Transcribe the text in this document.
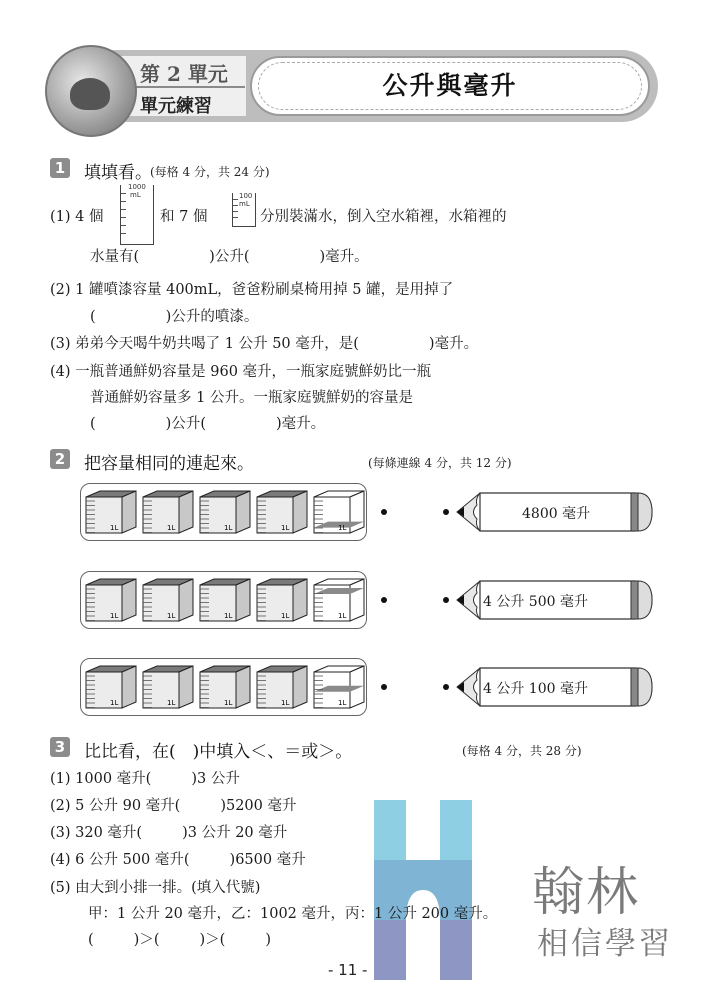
第 2 單元
單元練習
公升與毫升
1 填填看。
(每格 4 分，共 24 分)
(1) 4 個
1000
mL
和 7 個
100
mL
分別裝滿水，倒入空水箱裡，水箱裡的
水量有(	)公升(	)毫升。
(2) 1 罐噴漆容量 400mL，爸爸粉刷桌椅用掉 5 罐，是用掉了
(	)公升的噴漆。
(3) 弟弟今天喝牛奶共喝了 1 公升 50 毫升，是(	)毫升。
(4) 一瓶普通鮮奶容量是 960 毫升，一瓶家庭號鮮奶比一瓶
普通鮮奶容量多 1 公升。一瓶家庭號鮮奶的容量是
(	)公升(	)毫升。
2 把容量相同的連起來。	(每條連線 4 分，共 12 分)
1L	1L	1L	1L	1L
4800 毫升
1L	1L	1L	1L	1L
4 公升 500 毫升
1L	1L	1L	1L	1L
4 公升 100 毫升
3 比比看，在(　)中填入＜、＝或＞。	(每格 4 分，共 28 分)
(1) 1000 毫升(	)3 公升
(2) 5 公升 90 毫升(	)5200 毫升
(3) 320 毫升(	)3 公升 20 毫升
(4) 6 公升 500 毫升(	)6500 毫升
翰林
相信學習
(5) 由大到小排一排。(填入代號)
甲：1 公升 20 毫升，乙：1002 毫升，丙：1 公升 200 毫升。
(	)＞(	)＞(	)
- 11 -
